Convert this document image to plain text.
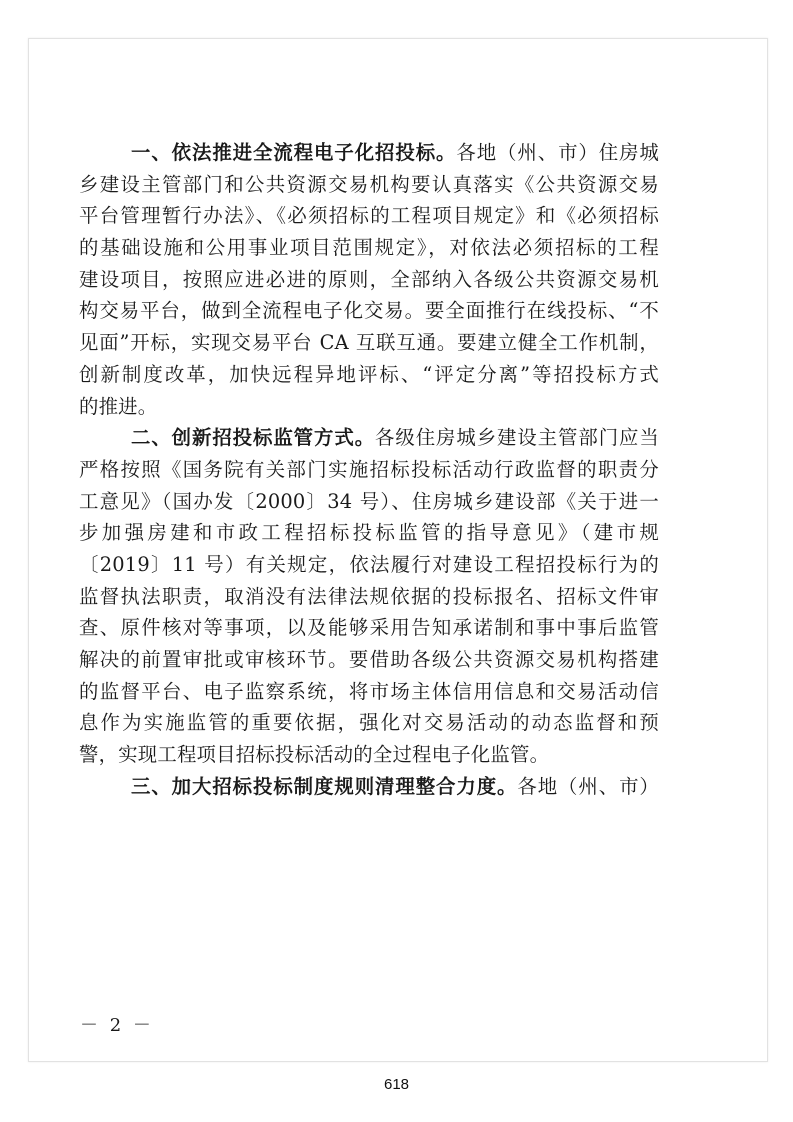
一、依法推进全流程电子化招投标。各地（州、市）住房城
乡建设主管部门和公共资源交易机构要认真落实《公共资源交易
平台管理暂行办法》、《必须招标的工程项目规定》和《必须招标
的基础设施和公用事业项目范围规定》，对依法必须招标的工程
建设项目，按照应进必进的原则，全部纳入各级公共资源交易机
构交易平台，做到全流程电子化交易。要全面推行在线投标、“不
见面”开标，实现交易平台 CA 互联互通。要建立健全工作机制，
创新制度改革，加快远程异地评标、“评定分离”等招投标方式
的推进。
二、创新招投标监管方式。各级住房城乡建设主管部门应当
严格按照《国务院有关部门实施招标投标活动行政监督的职责分
工意见》（国办发〔2000〕34 号）、住房城乡建设部《关于进一
步加强房建和市政工程招标投标监管的指导意见》（建市规
〔2019〕11 号）有关规定，依法履行对建设工程招投标行为的
监督执法职责，取消没有法律法规依据的投标报名、招标文件审
查、原件核对等事项，以及能够采用告知承诺制和事中事后监管
解决的前置审批或审核环节。要借助各级公共资源交易机构搭建
的监督平台、电子监察系统，将市场主体信用信息和交易活动信
息作为实施监管的重要依据，强化对交易活动的动态监督和预
警，实现工程项目招标投标活动的全过程电子化监管。
三、加大招标投标制度规则清理整合力度。各地（州、市）
－ 2 －
618
